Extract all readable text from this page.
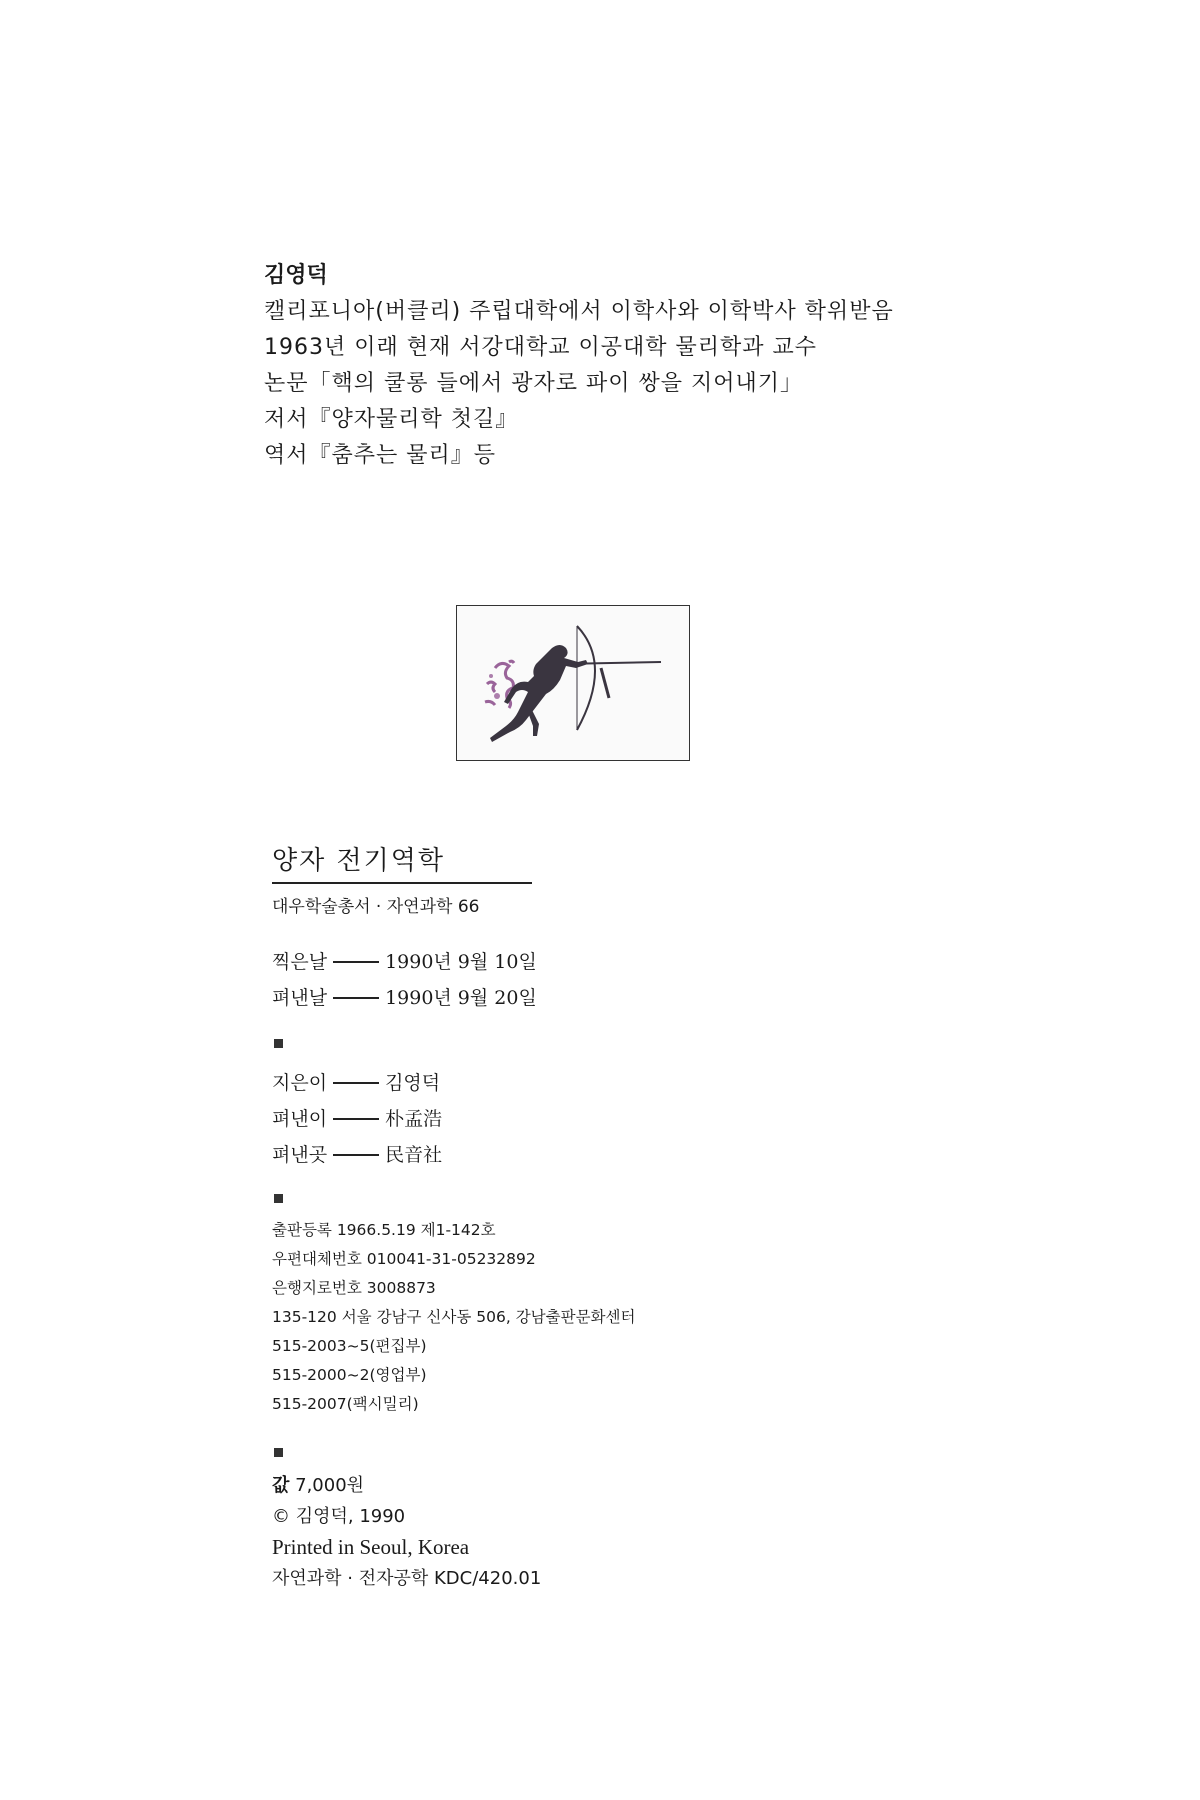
김영덕
캘리포니아(버클리) 주립대학에서 이학사와 이학박사 학위받음
1963년 이래 현재 서강대학교 이공대학 물리학과 교수
논문「핵의 쿨롱 들에서 광자로 파이 쌍을 지어내기」
저서『양자물리학 첫길』
역서『춤추는 물리』등
양자 전기역학
대우학술총서 · 자연과학 66
찍은날	1990년 9월 10일
펴낸날	1990년 9월 20일
지은이	김영덕
펴낸이	朴孟浩
펴낸곳	民音社
출판등록 1966.5.19 제1-142호
우편대체번호 010041-31-05232892
은행지로번호 3008873
135-120 서울 강남구 신사동 506, 강남출판문화센터
515-2003~5(편집부)
515-2000~2(영업부)
515-2007(팩시밀리)
값 7,000원
© 김영덕, 1990
Printed in Seoul, Korea
자연과학 · 전자공학 KDC/420.01
